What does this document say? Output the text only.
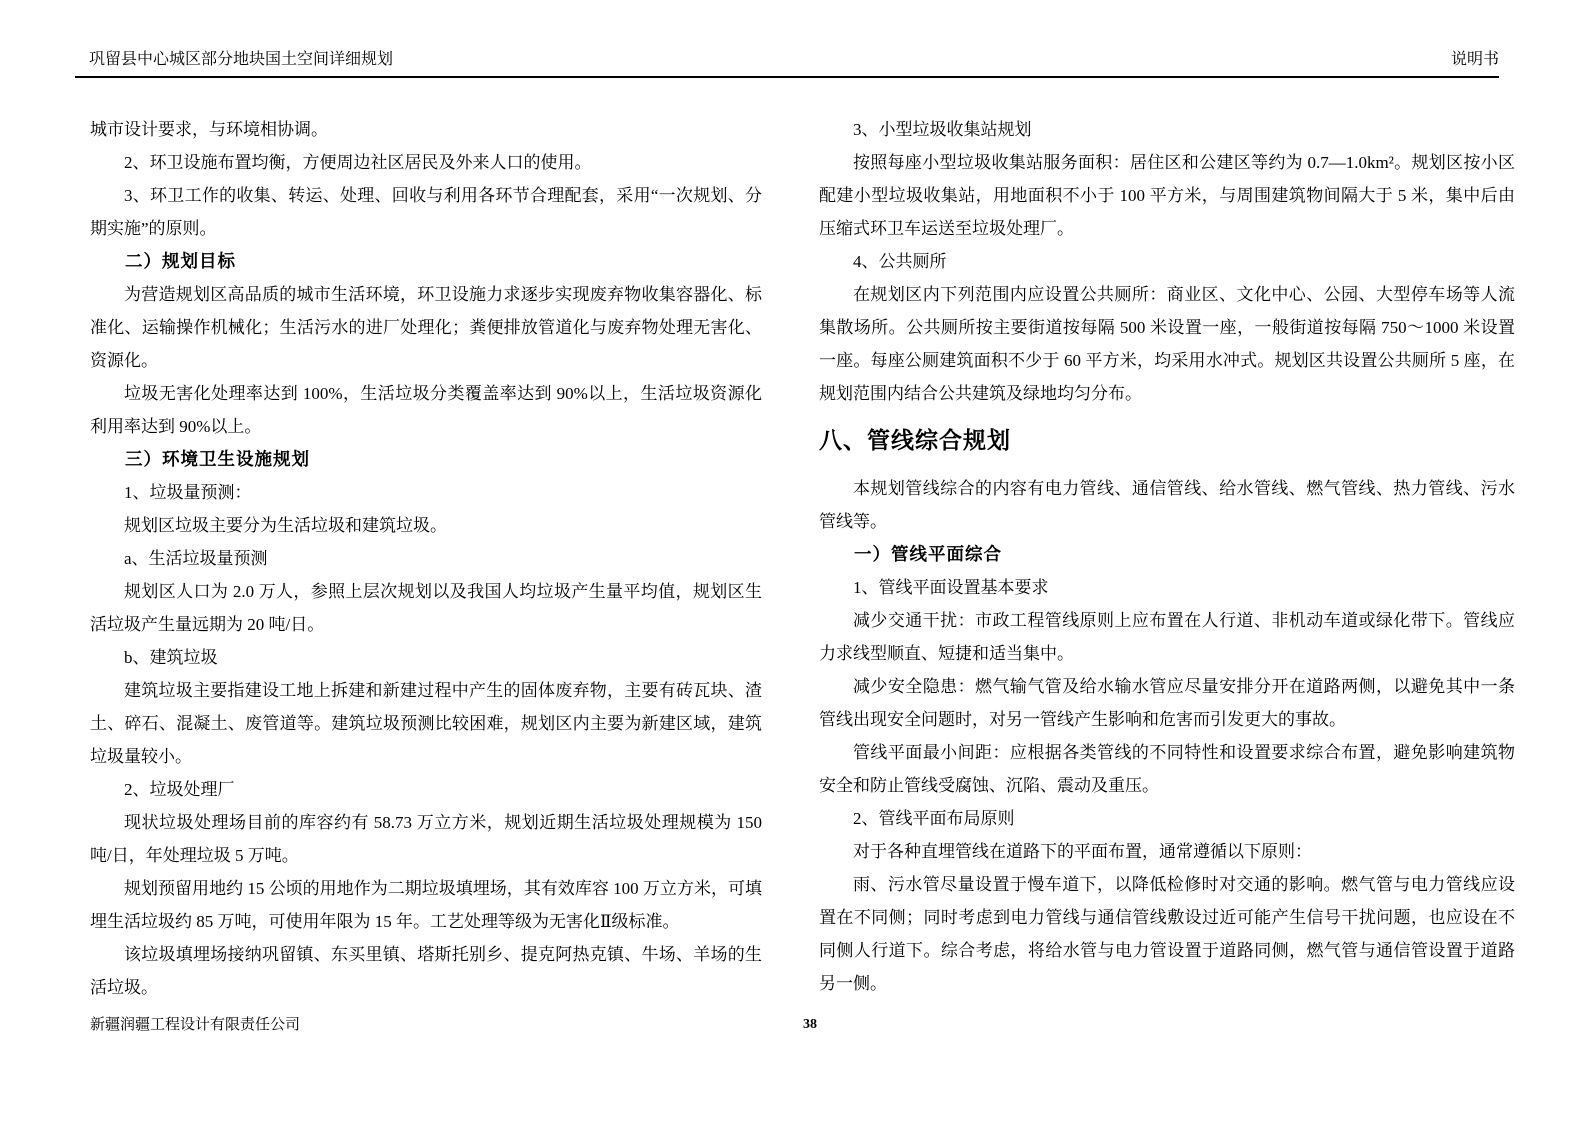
巩留县中心城区部分地块国土空间详细规划	说明书

城市设计要求，与环境相协调。

2、环卫设施布置均衡，方便周边社区居民及外来人口的使用。

3、环卫工作的收集、转运、处理、回收与利用各环节合理配套，采用“一次规划、分期实施”的原则。

二）规划目标

为营造规划区高品质的城市生活环境，环卫设施力求逐步实现废弃物收集容器化、标准化、运输操作机械化；生活污水的进厂处理化；粪便排放管道化与废弃物处理无害化、资源化。

垃圾无害化处理率达到 100%，生活垃圾分类覆盖率达到 90%以上，生活垃圾资源化利用率达到 90%以上。

三）环境卫生设施规划

1、垃圾量预测：

规划区垃圾主要分为生活垃圾和建筑垃圾。

a、生活垃圾量预测

规划区人口为 2.0 万人，参照上层次规划以及我国人均垃圾产生量平均值，规划区生活垃圾产生量远期为 20 吨/日。

b、建筑垃圾

建筑垃圾主要指建设工地上拆建和新建过程中产生的固体废弃物，主要有砖瓦块、渣土、碎石、混凝土、废管道等。建筑垃圾预测比较困难，规划区内主要为新建区域，建筑垃圾量较小。

2、垃圾处理厂

现状垃圾处理场目前的库容约有 58.73 万立方米，规划近期生活垃圾处理规模为 150 吨/日，年处理垃圾 5 万吨。

规划预留用地约 15 公顷的用地作为二期垃圾填埋场，其有效库容 100 万立方米，可填埋生活垃圾约 85 万吨，可使用年限为 15 年。工艺处理等级为无害化Ⅱ级标准。

该垃圾填埋场接纳巩留镇、东买里镇、塔斯托别乡、提克阿热克镇、牛场、羊场的生活垃圾。

3、小型垃圾收集站规划

按照每座小型垃圾收集站服务面积：居住区和公建区等约为 0.7—1.0km²。规划区按小区配建小型垃圾收集站，用地面积不小于 100 平方米，与周围建筑物间隔大于 5 米，集中后由压缩式环卫车运送至垃圾处理厂。

4、公共厕所

在规划区内下列范围内应设置公共厕所：商业区、文化中心、公园、大型停车场等人流集散场所。公共厕所按主要街道按每隔 500 米设置一座，一般街道按每隔 750～1000 米设置一座。每座公厕建筑面积不少于 60 平方米，均采用水冲式。规划区共设置公共厕所 5 座，在规划范围内结合公共建筑及绿地均匀分布。

八、管线综合规划

本规划管线综合的内容有电力管线、通信管线、给水管线、燃气管线、热力管线、污水管线等。

一）管线平面综合

1、管线平面设置基本要求

减少交通干扰：市政工程管线原则上应布置在人行道、非机动车道或绿化带下。管线应力求线型顺直、短捷和适当集中。

减少安全隐患：燃气输气管及给水输水管应尽量安排分开在道路两侧，以避免其中一条管线出现安全问题时，对另一管线产生影响和危害而引发更大的事故。

管线平面最小间距：应根据各类管线的不同特性和设置要求综合布置，避免影响建筑物安全和防止管线受腐蚀、沉陷、震动及重压。

2、管线平面布局原则

对于各种直埋管线在道路下的平面布置，通常遵循以下原则：

雨、污水管尽量设置于慢车道下，以降低检修时对交通的影响。燃气管与电力管线应设置在不同侧；同时考虑到电力管线与通信管线敷设过近可能产生信号干扰问题，也应设在不同侧人行道下。综合考虑，将给水管与电力管设置于道路同侧，燃气管与通信管设置于道路另一侧。

新疆润疆工程设计有限责任公司	38
